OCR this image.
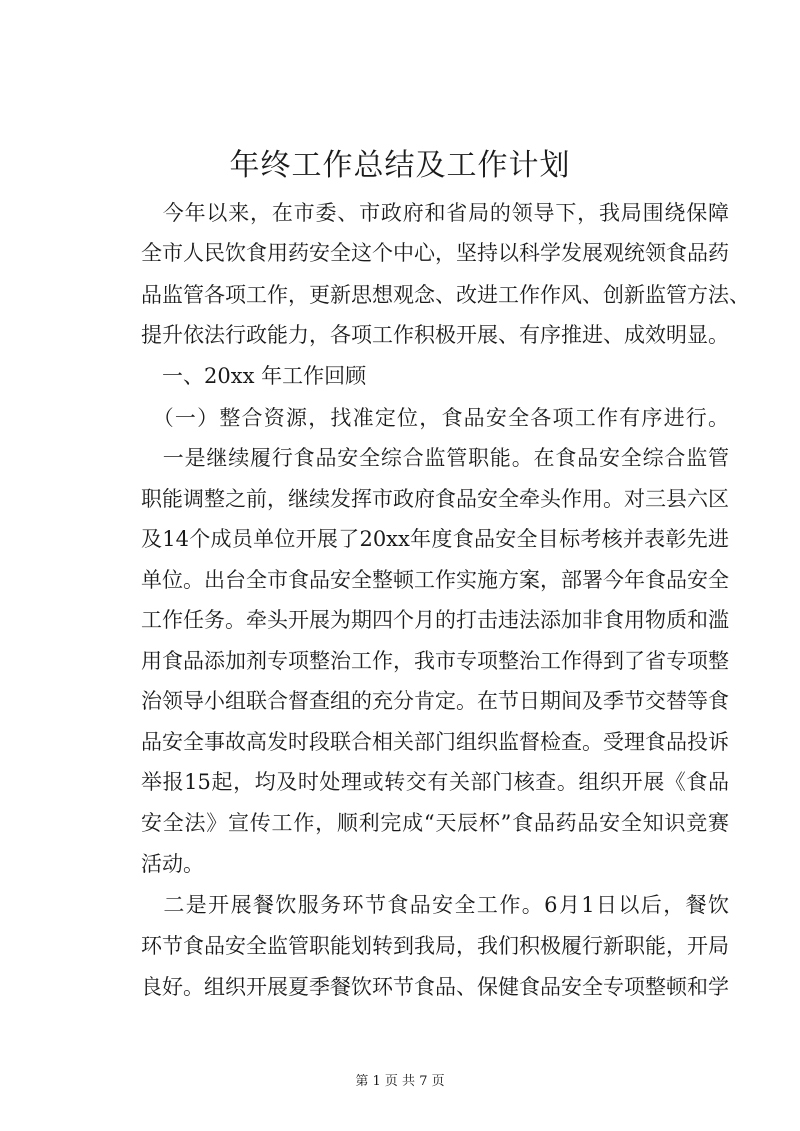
年终工作总结及工作计划
　今年以来，在市委、市政府和省局的领导下，我局围绕保障
全市人民饮食用药安全这个中心，坚持以科学发展观统领食品药
品监管各项工作，更新思想观念、改进工作作风、创新监管方法、
提升依法行政能力，各项工作积极开展、有序推进、成效明显。
　一、20xx 年工作回顾
　（一）整合资源，找准定位，食品安全各项工作有序进行。
　一是继续履行食品安全综合监管职能。在食品安全综合监管
职能调整之前，继续发挥市政府食品安全牵头作用。对三县六区
及14个成员单位开展了20xx年度食品安全目标考核并表彰先进
单位。出台全市食品安全整顿工作实施方案，部署今年食品安全
工作任务。牵头开展为期四个月的打击违法添加非食用物质和滥
用食品添加剂专项整治工作，我市专项整治工作得到了省专项整
治领导小组联合督查组的充分肯定。在节日期间及季节交替等食
品安全事故高发时段联合相关部门组织监督检查。受理食品投诉
举报15起，均及时处理或转交有关部门核查。组织开展《食品
安全法》宣传工作，顺利完成“天辰杯”食品药品安全知识竞赛
活动。
　二是开展餐饮服务环节食品安全工作。6月1日以后，餐饮
环节食品安全监管职能划转到我局，我们积极履行新职能，开局
良好。组织开展夏季餐饮环节食品、保健食品安全专项整顿和学
第 1 页 共 7 页
